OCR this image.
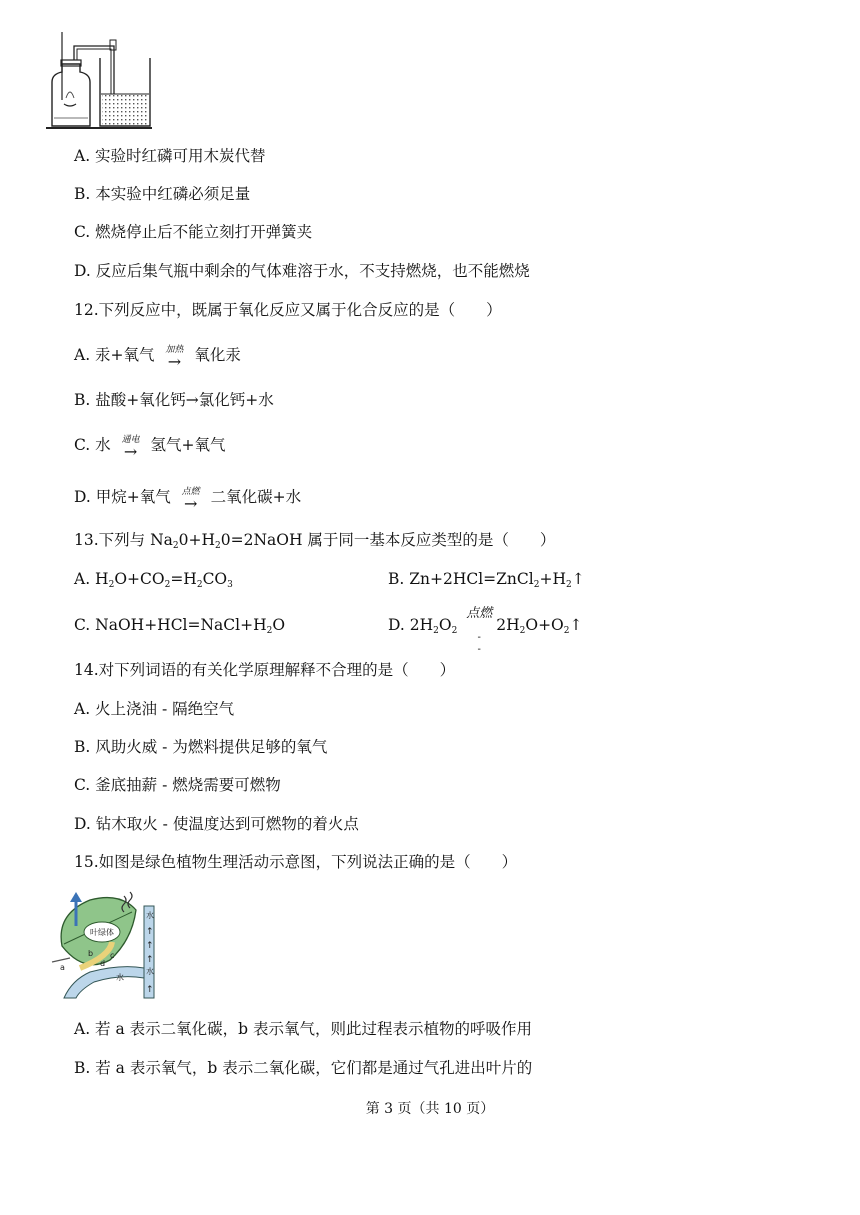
A. 实验时红磷可用木炭代替
B. 本实验中红磷必须足量
C. 燃烧停止后不能立刻打开弹簧夹
D. 反应后集气瓶中剩余的气体难溶于水，不支持燃烧，也不能燃烧
12.下列反应中，既属于氧化反应又属于化合反应的是（　　）
A. 汞+氧气	加热
→ 氧化汞
B. 盐酸+氧化钙→氯化钙+水
C. 水	通电
→ 氢气+氧气
D. 甲烷+氧气	点燃
→ 二氧化碳+水
13.下列与 Na20+H20=2NaOH 属于同一基本反应类型的是（　　）
A. H2O+CO2=H2CO3	B. Zn+2HCl=ZnCl2+H2↑
C. NaOH+HCl=NaCl+H2O	D. 2H2O2
点燃
-
-
2H2O+O2↑
14.对下列词语的有关化学原理解释不合理的是（　　）
A. 火上浇油 - 隔绝空气
B. 风助火威 - 为燃料提供足够的氧气
C. 釜底抽薪 - 燃烧需要可燃物
D. 钻木取火 - 使温度达到可燃物的着火点
15.如图是绿色植物生理活动示意图，下列说法正确的是（　　）
叶绿体
a
c
d
b
水
水
水
↑
↑
↑
↑
A. 若 a 表示二氧化碳，b 表示氧气，则此过程表示植物的呼吸作用
B. 若 a 表示氧气，b 表示二氧化碳，它们都是通过气孔进出叶片的
第 3 页（共 10 页）
